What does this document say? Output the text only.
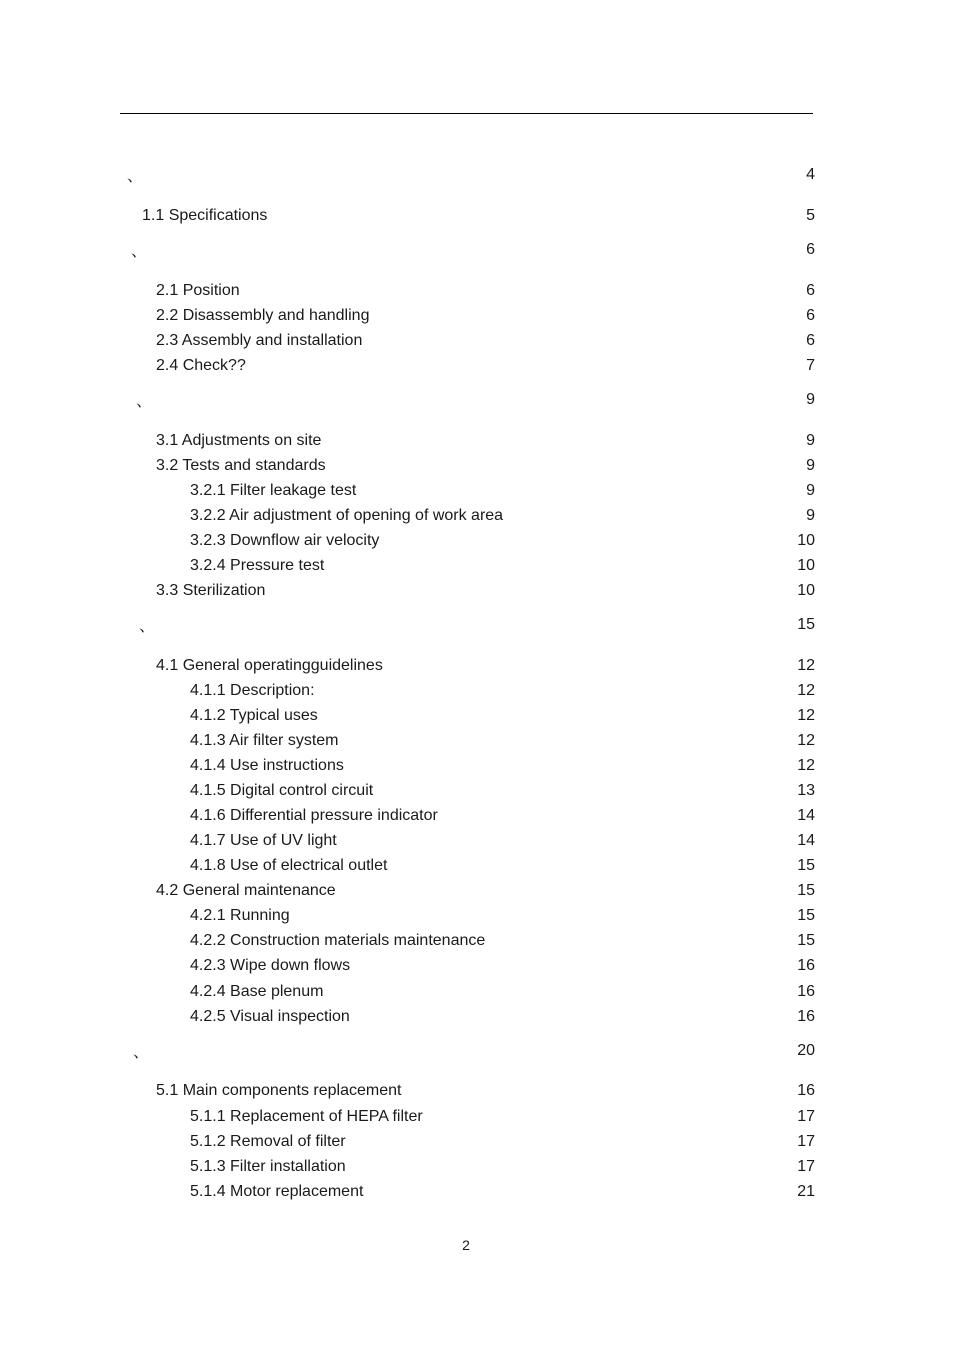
、	4
1.1 Specifications	5
、	6
2.1 Position	6
2.2 Disassembly and handling	6
2.3 Assembly and installation	6
2.4 Check??	7
、	9
3.1 Adjustments on site	9
3.2 Tests and standards	9
3.2.1 Filter leakage test	9
3.2.2 Air adjustment of opening of work area	9
3.2.3 Downflow air velocity	10
3.2.4 Pressure test	10
3.3 Sterilization	10
、	15
4.1 General operatingguidelines	12
4.1.1 Description:	12
4.1.2 Typical uses	12
4.1.3 Air filter system	12
4.1.4 Use instructions	12
4.1.5 Digital control circuit	13
4.1.6 Differential pressure indicator	14
4.1.7 Use of UV light	14
4.1.8 Use of electrical outlet	15
4.2 General maintenance	15
4.2.1 Running	15
4.2.2 Construction materials maintenance	15
4.2.3 Wipe down flows	16
4.2.4 Base plenum	16
4.2.5 Visual inspection	16
、	20
5.1 Main components replacement	16
5.1.1 Replacement of HEPA filter	17
5.1.2 Removal of filter	17
5.1.3 Filter installation	17
5.1.4 Motor replacement	21
2
